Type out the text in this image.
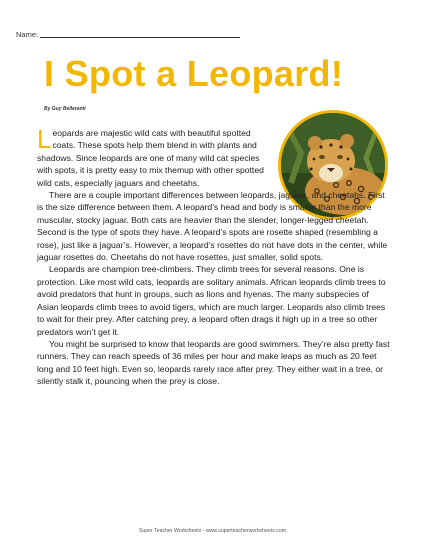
Name:
I Spot a Leopard!
By Guy Belleranti

Leopards are majestic wild cats with beautiful spotted coats. These spots help them blend in with plants and shadows. Since leopards are one of many wild cat species with spots, it is pretty easy to mix themup with other spotted wild cats, especially jaguars and cheetahs.

There are a couple important differences between leopards, jaguars, and cheetahs. First is the size difference between them. A leopard’s head and body is smaller than the more muscular, stocky jaguar. Both cats are heavier than the slender, longer-legged cheetah. Second is the type of spots they have. A leopard’s spots are rosette shaped (resembling a rose), just like a jaguar’s. However, a leopard’s rosettes do not have dots in the center, while jaguar rosettes do. Cheetahs do not have rosettes, just smaller, solid spots.

Leopards are champion tree-climbers. They climb trees for several reasons. One is protection. Like most wild cats, leopards are solitary animals. African leopards climb trees to avoid predators that hunt in groups, such as lions and hyenas. The many subspecies of Asian leopards climb trees to avoid tigers, which are much larger. Leopards also climb trees to wait for their prey. After catching prey, a leopard often drags it high up in a tree so other predators won’t get it.

You might be surprised to know that leopards are good swimmers. They’re also pretty fast runners. They can reach speeds of 36 miles per hour and make leaps as much as 20 feet long and 10 feet high. Even so, leopards rarely race after prey. They either wait in a tree, or silently stalk it, pouncing when the prey is close.

Super Teacher Worksheets - www.superteacherworksheets.com
